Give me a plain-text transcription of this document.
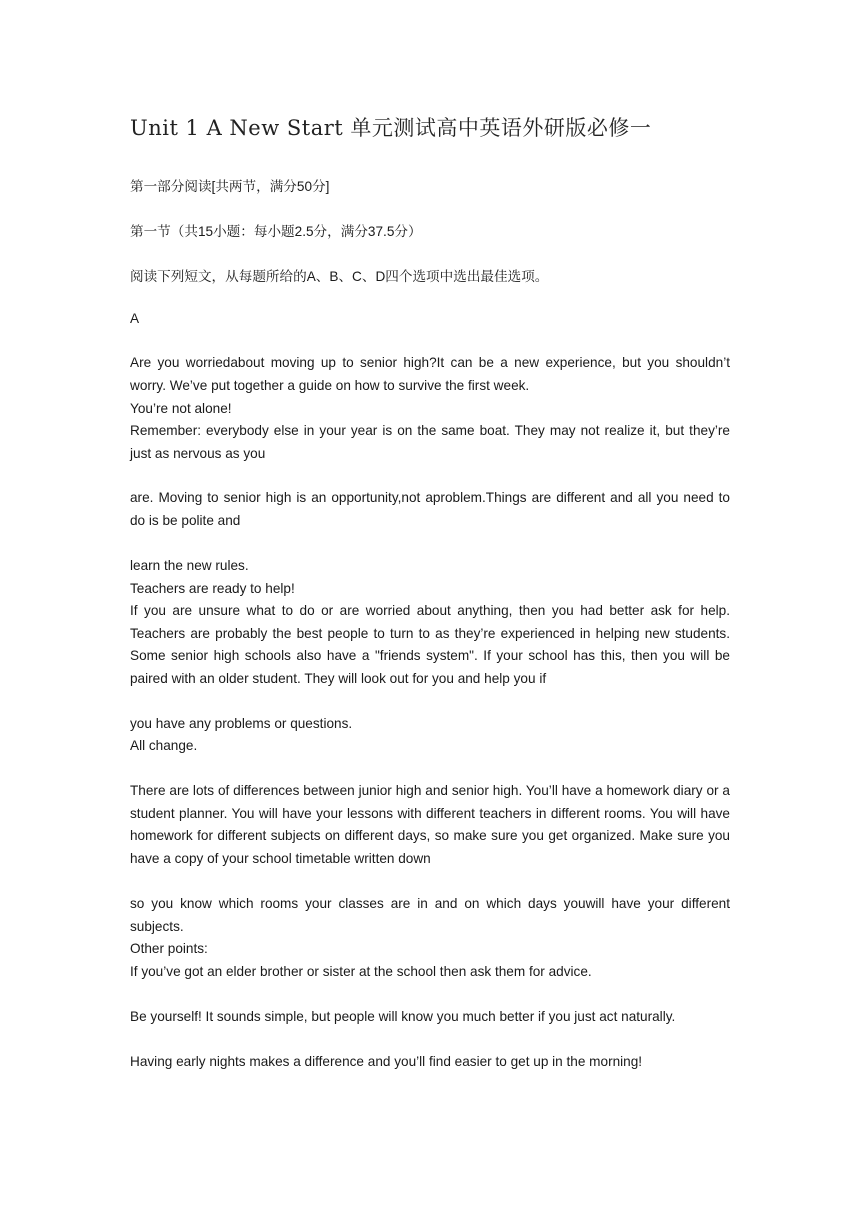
Unit 1 A New Start 单元测试高中英语外研版必修一
第一部分阅读[共两节，满分50分]
第一节（共15小题：每小题2.5分，满分37.5分）
阅读下列短文，从每题所给的A、B、C、D四个选项中选出最佳选项。
A
Are you worriedabout moving up to senior high?It can be a new experience, but you shouldn’t worry. We’ve put together a guide on how to survive the first week.
You’re not alone!
Remember: everybody else in your year is on the same boat. They may not realize it, but they’re just as nervous as you
are. Moving to senior high is an opportunity,not aproblem.Things are different and all you need to do is be polite and
learn the new rules.
Teachers are ready to help!
If you are unsure what to do or are worried about anything, then you had better ask for help. Teachers are probably the best people to turn to as they’re experienced in helping new students. Some senior high schools also have a "friends system". If your school has this, then you will be paired with an older student. They will look out for you and help you if
you have any problems or questions.
All change.
There are lots of differences between junior high and senior high. You’ll have a homework diary or a student planner. You will have your lessons with different teachers in different rooms. You will have homework for different subjects on different days, so make sure you get organized. Make sure you have a copy of your school timetable written down
so you know which rooms your classes are in and on which days youwill have your different subjects.
Other points:
If you’ve got an elder brother or sister at the school then ask them for advice.
Be yourself! It sounds simple, but people will know you much better if you just act naturally.
Having early nights makes a difference and you’ll find easier to get up in the morning!
